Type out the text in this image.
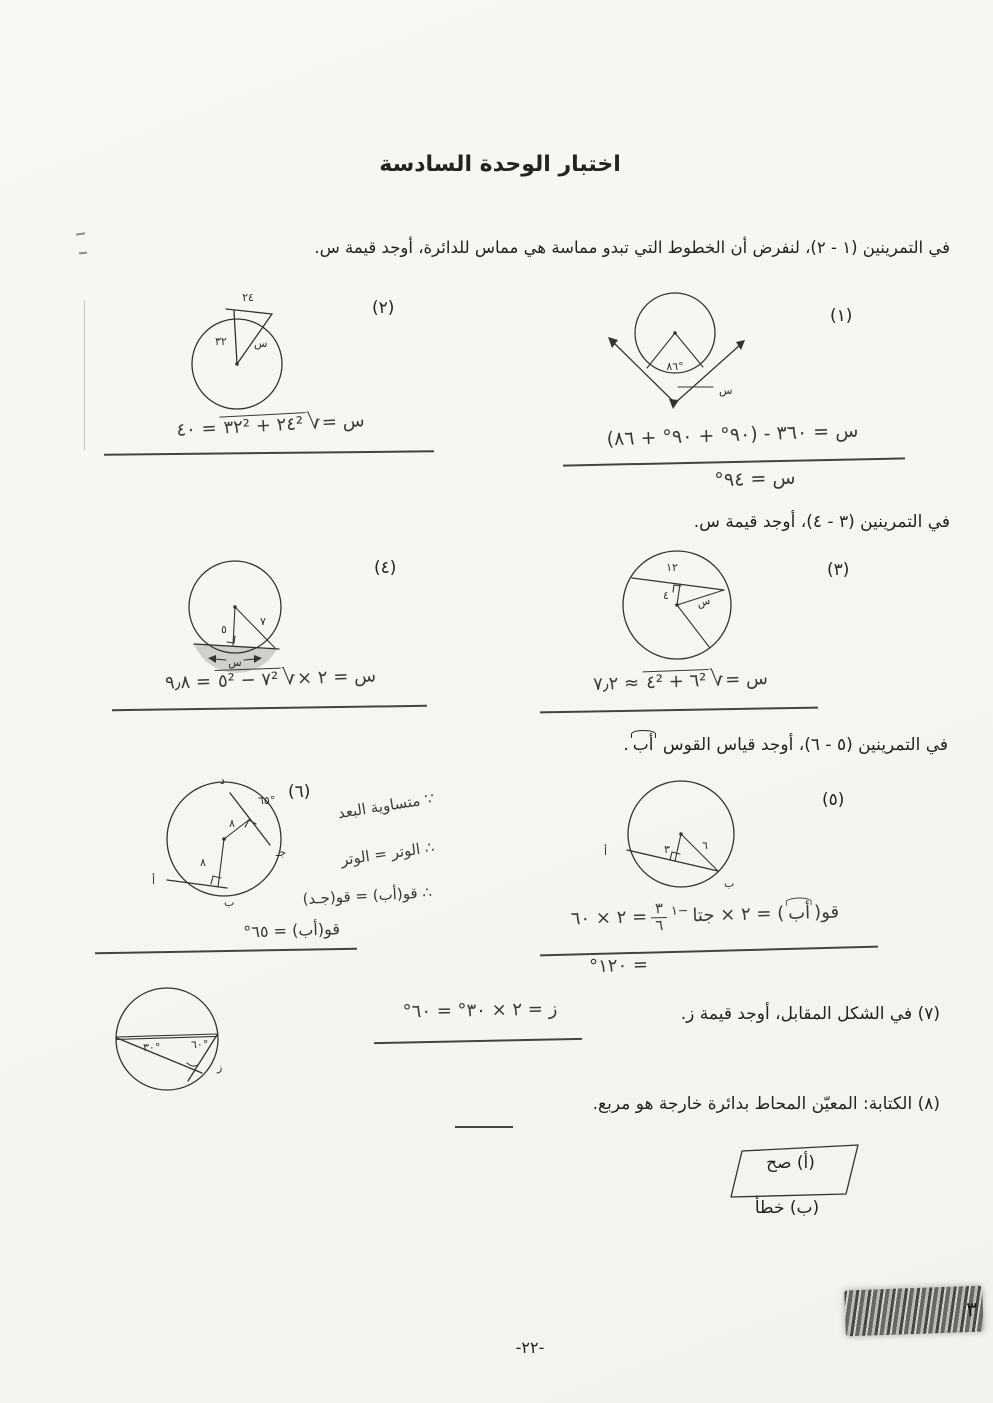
اختبار الوحدة السادسة
في التمرينين (١ - ٢)، لنفرض أن الخطوط التي تبدو مماسة هي مماس للدائرة، أوجد قيمة س.
(١)
(٢)
٨٦°
س
٢٤
٣٢ س
س = ٣٦٠ - (٩٠° + ٩٠° + ٨٦)
س = ٩٤°
س =√٢٤² + ٣٢²= ٤٠
في التمرينين (٣ - ٤)، أوجد قيمة س.
(٣)
(٤)	١٢
٤ س
٥
٧
س
س =√٦² + ٤²≈ ٧٫٢
س = ٢ ×√٧² − ٥²= ٩٫٨
في التمرينين (٥ - ٦)، أوجد قياس القوس أب.
(٥)
(٦)
٣	٦
أ
ب
٦٥°
٨
٨
د
جـ
أ
ب
∵ متساوية البعد
∴ الوتر = الوتر
∴ قو(أب) = قو(جـد)
قو(أب) = ٦٥°
قو(أب) = ٢ × جتا−١
$\frac{٣}{٦}$
= ٢ × ٦٠
= ١٢٠°
٣٠°	٦٠°
ز
(٧) في الشكل المقابل، أوجد قيمة ز.
ز = ٢ × ٣٠° = ٦٠°
(٨) الكتابة: المعيّن المحاط بدائرة خارجة هو مربع.
(أ) صح
(ب) خطأ
٣
-٢٢-
